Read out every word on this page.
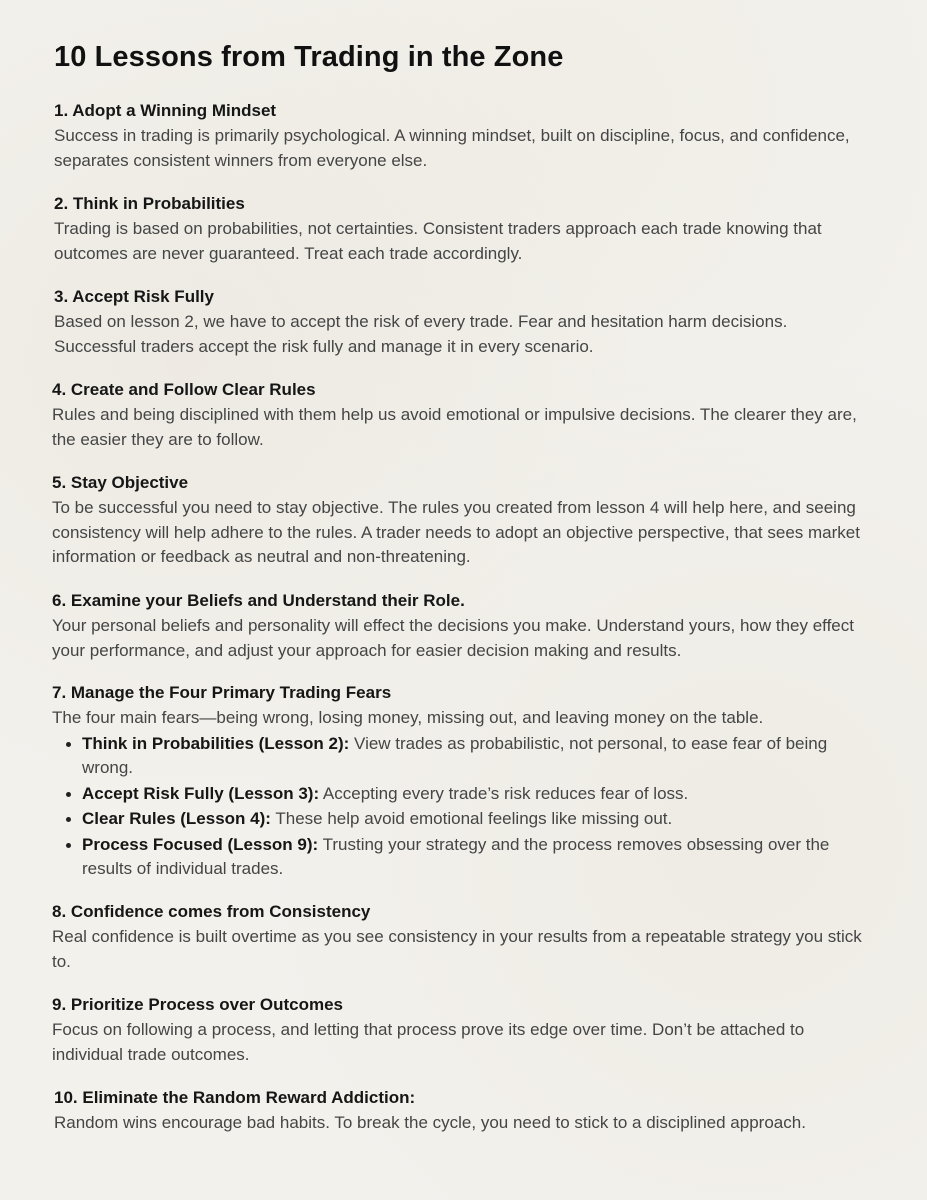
10 Lessons from Trading in the Zone
1. Adopt a Winning Mindset

Success in trading is primarily psychological. A winning mindset, built on discipline, focus, and confidence, separates consistent winners from everyone else.

2. Think in Probabilities

Trading is based on probabilities, not certainties. Consistent traders approach each trade knowing that outcomes are never guaranteed. Treat each trade accordingly.

3. Accept Risk Fully

Based on lesson 2, we have to accept the risk of every trade. Fear and hesitation harm decisions. Successful traders accept the risk fully and manage it in every scenario.

4. Create and Follow Clear Rules

Rules and being disciplined with them help us avoid emotional or impulsive decisions. The clearer they are, the easier they are to follow.

5. Stay Objective

To be successful you need to stay objective. The rules you created from lesson 4 will help here, and seeing consistency will help adhere to the rules. A trader needs to adopt an objective perspective, that sees market information or feedback as neutral and non-threatening.

6. Examine your Beliefs and Understand their Role.

Your personal beliefs and personality will effect the decisions you make. Understand yours, how they effect your performance, and adjust your approach for easier decision making and results.

7. Manage the Four Primary Trading Fears

The four main fears—being wrong, losing money, missing out, and leaving money on the table.

Think in Probabilities (Lesson 2): View trades as probabilistic, not personal, to ease fear of being wrong.
Accept Risk Fully (Lesson 3): Accepting every trade’s risk reduces fear of loss.
Clear Rules (Lesson 4): These help avoid emotional feelings like missing out.
Process Focused (Lesson 9): Trusting your strategy and the process removes obsessing over the results of individual trades.
8. Confidence comes from Consistency

Real confidence is built overtime as you see consistency in your results from a repeatable strategy you stick to.

9. Prioritize Process over Outcomes

Focus on following a process, and letting that process prove its edge over time. Don’t be attached to individual trade outcomes.

10. Eliminate the Random Reward Addiction:

Random wins encourage bad habits. To break the cycle, you need to stick to a disciplined approach.
